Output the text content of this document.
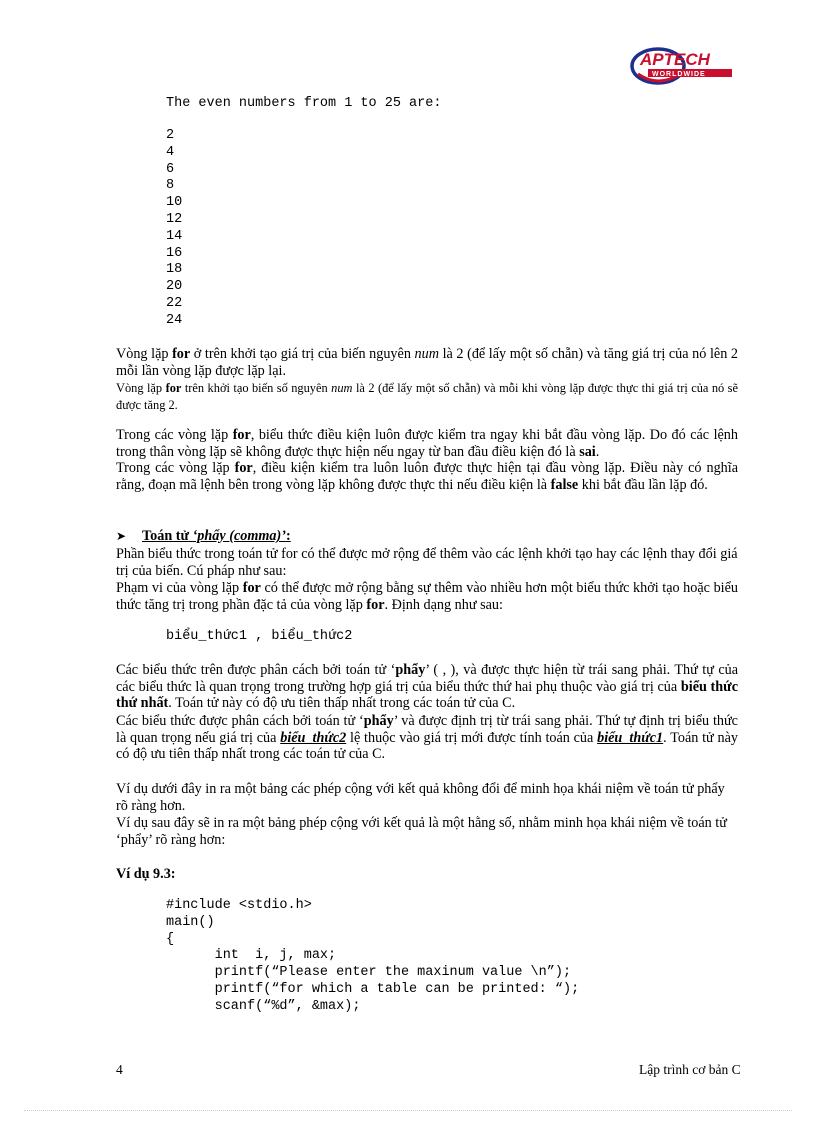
APTECH
WORLDWIDE
The even numbers from 1 to 25 are:
2
4
6
8
10
12
14
16
18
20
22
24
Vòng lặp for ở trên khởi tạo giá trị của biến nguyên num là 2 (để lấy một số chẵn) và tăng giá trị của nó lên 2 mỗi lần vòng lặp được lặp lại.
Vòng lặp for trên khởi tạo biến số nguyên num là 2 (để lấy một số chẵn) và mỗi khi vòng lặp được thực thi giá trị của nó sẽ được tăng 2.
Trong các vòng lặp for, biểu thức điều kiện luôn được kiểm tra ngay khi bắt đầu vòng lặp. Do đó các lệnh trong thân vòng lặp sẽ không được thực hiện nếu ngay từ ban đầu điều kiện đó là sai.
Trong các vòng lặp for, điều kiện kiểm tra luôn luôn được thực hiện tại đầu vòng lặp. Điều này có nghĩa rằng, đoạn mã lệnh bên trong vòng lặp không được thực thi nếu điều kiện là false khi bắt đầu lần lặp đó.
➤ Toán tử ‘phẩy (comma)’:
Phần biểu thức trong toán tử for có thể được mở rộng để thêm vào các lệnh khởi tạo hay các lệnh thay đổi giá trị của biến. Cú pháp như sau:
Phạm vi của vòng lặp for có thể được mở rộng bằng sự thêm vào nhiều hơn một biểu thức khởi tạo hoặc biểu thức tăng trị trong phần đặc tả của vòng lặp for. Định dạng như sau:
biểu_thức1 , biểu_thức2
Các biểu thức trên được phân cách bởi toán tử ‘phẩy’ ( , ), và được thực hiện từ trái sang phải. Thứ tự của các biểu thức là quan trọng trong trường hợp giá trị của biểu thức thứ hai phụ thuộc vào giá trị của biểu thức thứ nhất. Toán tử này có độ ưu tiên thấp nhất trong các toán tử của C.
Các biểu thức được phân cách bởi toán tử ‘phẩy’ và được định trị từ trái sang phải. Thứ tự định trị biểu thức là quan trọng nếu giá trị của biểu_thức2 lệ thuộc vào giá trị mới được tính toán của biểu_thức1. Toán tử này có độ ưu tiên thấp nhất trong các toán tử của C.
Ví dụ dưới đây in ra một bảng các phép cộng với kết quả không đổi để minh họa khái niệm về toán tử phẩy rõ ràng hơn.
Ví dụ sau đây sẽ in ra một bảng phép cộng với kết quả là một hằng số, nhằm minh họa khái niệm về toán tử ‘phẩy’ rõ ràng hơn:
Ví dụ 9.3:
#include <stdio.h>
main()
{
int  i, j, max;
printf(“Please enter the maxinum value \n”);
printf(“for which a table can be printed: “);
scanf(“%d”, &max);
4	Lập trình cơ bản C
